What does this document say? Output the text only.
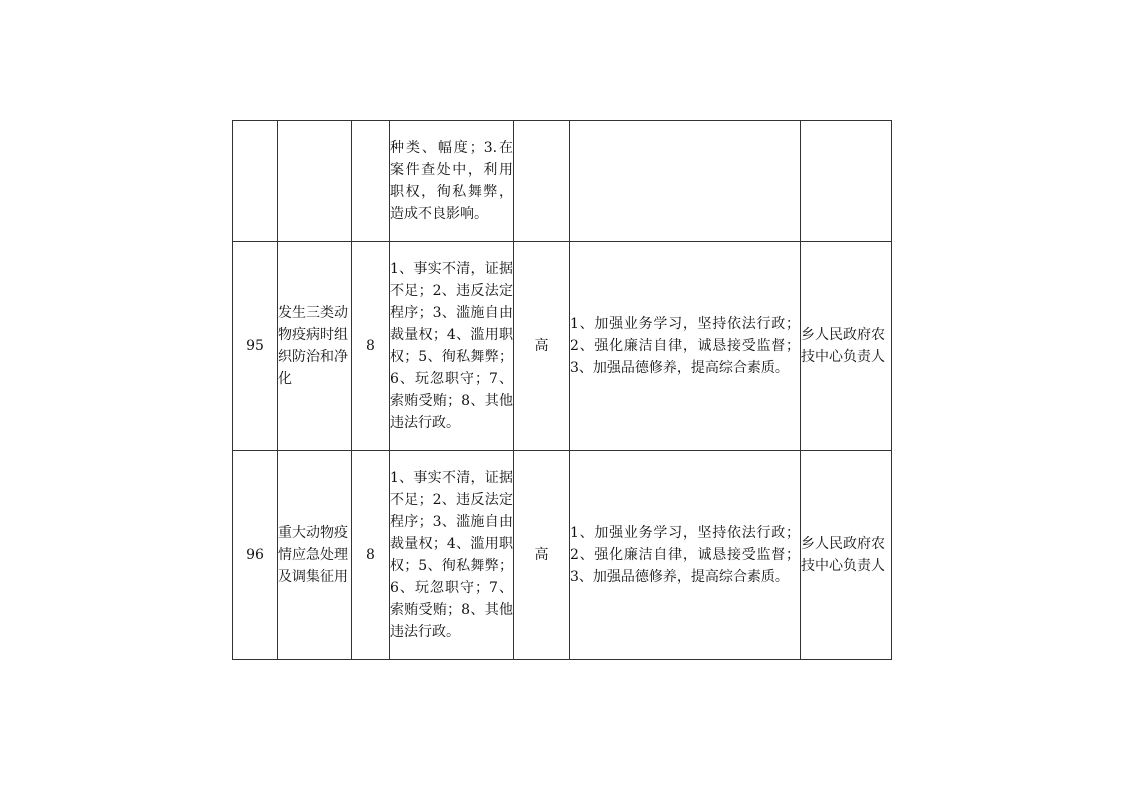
			种类、幅度；3.在案件查处中，利用职权，徇私舞弊，造成不良影响。			
95	发生三类动物疫病时组织防治和净化	8	1、事实不清，证据不足；2、违反法定程序；3、滥施自由裁量权；4、滥用职权；5、徇私舞弊；6、玩忽职守；7、索贿受贿；8、其他违法行政。	高	1、加强业务学习，坚持依法行政；2、强化廉洁自律，诚恳接受监督；3、加强品德修养，提高综合素质。	乡人民政府农技中心负责人
96	重大动物疫情应急处理及调集征用	8	1、事实不清，证据不足；2、违反法定程序；3、滥施自由裁量权；4、滥用职权；5、徇私舞弊；6、玩忽职守；7、索贿受贿；8、其他违法行政。	高	1、加强业务学习，坚持依法行政；2、强化廉洁自律，诚恳接受监督；3、加强品德修养，提高综合素质。	乡人民政府农技中心负责人
